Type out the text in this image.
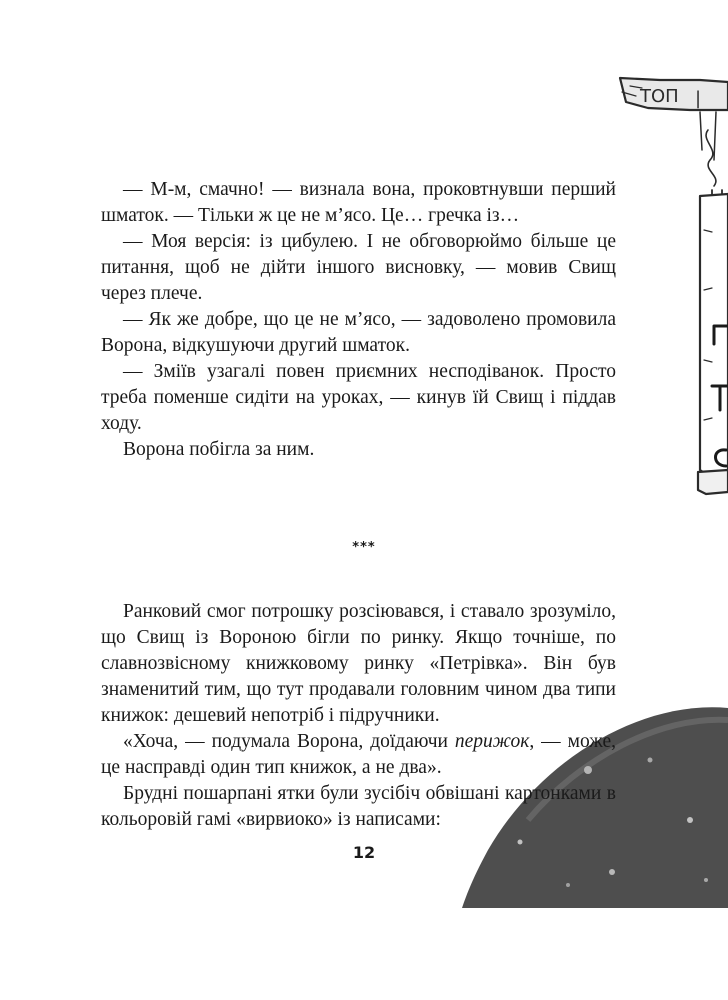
ТОП |

— М-м, смачно! — визнала вона, проковтнувши перший шматок. — Тільки ж це не м’ясо. Це… гречка із…

— Моя версія: із цибулею. І не обговорюймо більше це питання, щоб не дійти іншого висновку, — мовив Свищ через плече.

— Як же добре, що це не м’ясо, — задоволено промовила Ворона, відкушуючи другий шматок.

— Зміїв узагалі повен приємних несподіванок. Просто треба поменше сидіти на уроках, — кинув їй Свищ і піддав ходу.

Ворона побігла за ним.

***

Ранковий смог потрошку розсіювався, і ставало зрозуміло, що Свищ із Вороною бігли по ринку. Якщо точніше, по славнозвісному книжковому ринку «Петрівка». Він був знаменитий тим, що тут продавали головним чином два типи книжок: дешевий непотріб і підручники.

«Хоча, — подумала Ворона, доїдаючи перижок, — може, це насправді один тип книжок, а не два».

Брудні пошарпані ятки були зусібіч обвішані картонками в кольоровій гамі «вирвиоко» із написами:

12
